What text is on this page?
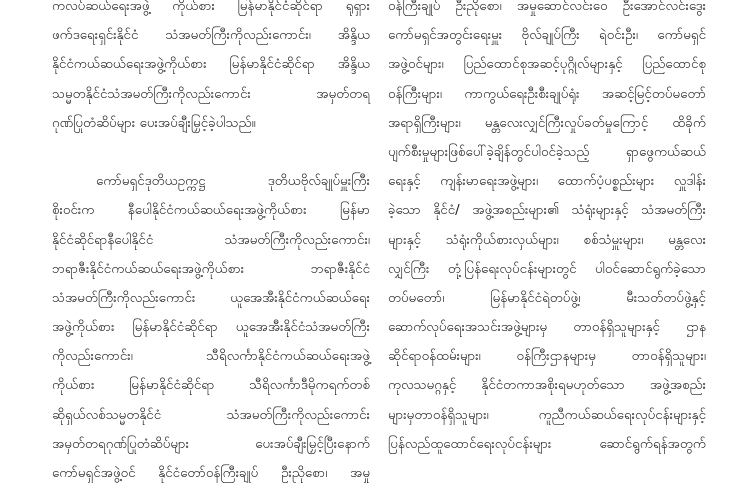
ကလပ်ဆယ်ရေးအဖွဲ့ ကိုယ်စား မြန်မာနိုင်ငံဆိုင်ရာ ရုရှား
ဖက်ဒရေးရှင်းနိုင်ငံ သံအမတ်ကြီးကိုလည်းကောင်း၊ အိန္ဒိယ
နိုင်ငံကယ်ဆယ်ရေးအဖွဲ့ကိုယ်စား မြန်မာနိုင်ငံဆိုင်ရာ အိန္ဒိယ
သမ္မတနိုင်ငံသံအမတ်ကြီးကိုလည်းကောင်း အမှတ်တရ
ဂုဏ်ပြုတံဆိပ်များ ပေးအပ်ချီးမြှင့်ခဲ့ပါသည်။
ကော်မရှင်ဒုတိယဥက္ကဋ္ဌ ဒုတိယဗိုလ်ချုပ်မှူးကြီး
စိုးဝင်းက နီပေါနိုင်ငံကယ်ဆယ်ရေးအဖွဲ့ကိုယ်စား မြန်မာ
နိုင်ငံဆိုင်ရာနီပေါနိုင်ငံ သံအမတ်ကြီးကိုလည်းကောင်း၊
ဘရာဇီးနိုင်ငံကယ်ဆယ်ရေးအဖွဲ့ကိုယ်စား ဘရာဇီးနိုင်ငံ
သံအမတ်ကြီးကိုလည်းကောင်း ယူအေအီးနိုင်ငံကယ်ဆယ်ရေး
အဖွဲ့ကိုယ်စား မြန်မာနိုင်ငံဆိုင်ရာ ယူအေအီးနိုင်ငံသံအမတ်ကြီး
ကိုလည်းကောင်း၊ သီရိလင်္ကာနိုင်ငံကယ်ဆယ်ရေးအဖွဲ့
ကိုယ်စား မြန်မာနိုင်ငံဆိုင်ရာ သီရိလင်္ကာဒီမိုကရက်တစ်
ဆိုရှယ်လစ်သမ္မတနိုင်ငံ သံအမတ်ကြီးကိုလည်းကောင်း
အမှတ်တရဂုဏ်ပြုတံဆိပ်များ ပေးအပ်ချီးမြှင့်ပြီးနောက်
ကော်မရှင်အဖွဲ့ဝင် နိုင်ငံတော်ဝန်ကြီးချုပ် ဦးညိုစော၊ အမှု
ဝန်ကြီးချုပ် ဦးညိုစော၊ အမှုဆောင်လင်းဝေ ဦးအောင်လင်းဒွေး
ကော်မရှင်အတွင်းရေးမှူး ဗိုလ်ချုပ်ကြီး ရဲဝင်းဦး၊ ကော်မရှင်
အဖွဲ့ဝင်များ၊ ပြည်ထောင်စုအဆင့်ပုဂ္ဂိုလ်များနှင့် ပြည်ထောင်စု
ဝန်ကြီးများ၊ ကာကွယ်ရေးဦးစီးချုပ်ရုံး အဆင့်မြင့်တပ်မတော်
အရာရှိကြီးများ၊ မန္တလေးလျှင်ကြီးလှုပ်ခတ်မှုကြောင့် ထိခိုက်
ပျက်စီးမှုများဖြစ်ပေါ်ခဲ့ချိန်တွင်ပါဝင်ခဲ့သည့် ရှာဖွေကယ်ဆယ်
ရေးနှင့် ကျန်းမာရေးအဖွဲ့များ၊ ထောက်ပံ့ပစ္စည်းများ လှူဒါန်း
ခဲ့သော နိုင်ငံ/ အဖွဲ့အစည်းများ၏ သံရုံးများနှင့် သံအမတ်ကြီး
များနှင့် သံရုံးကိုယ်စားလှယ်များ၊ စစ်သံမှူးများ၊ မန္တလေး
လျှင်ကြီး တုံ့ပြန်ရေးလုပ်ငန်းများတွင် ပါဝင်ဆောင်ရွက်ခဲ့သော
တပ်မတော်၊ မြန်မာနိုင်ငံရဲတပ်ဖွဲ့၊ မီးသတ်တပ်ဖွဲ့နှင့်
ဆောက်လုပ်ရေးအသင်းအဖွဲ့များမှ တာဝန်ရှိသူများနှင့် ဌာန
ဆိုင်ရာဝန်ထမ်းများ၊ ဝန်ကြီးဌာနများမှ တာဝန်ရှိသူများ၊
ကုလသမဂ္ဂနှင့် နိုင်ငံတကာအစိုးရမဟုတ်သော အဖွဲ့အစည်း
များမှတာဝန်ရှိသူများ၊ ကူညီကယ်ဆယ်ရေးလုပ်ငန်းများနှင့်
ပြန်လည်ထူထောင်ရေးလုပ်ငန်းများ ဆောင်ရွက်ရန်အတွက်
